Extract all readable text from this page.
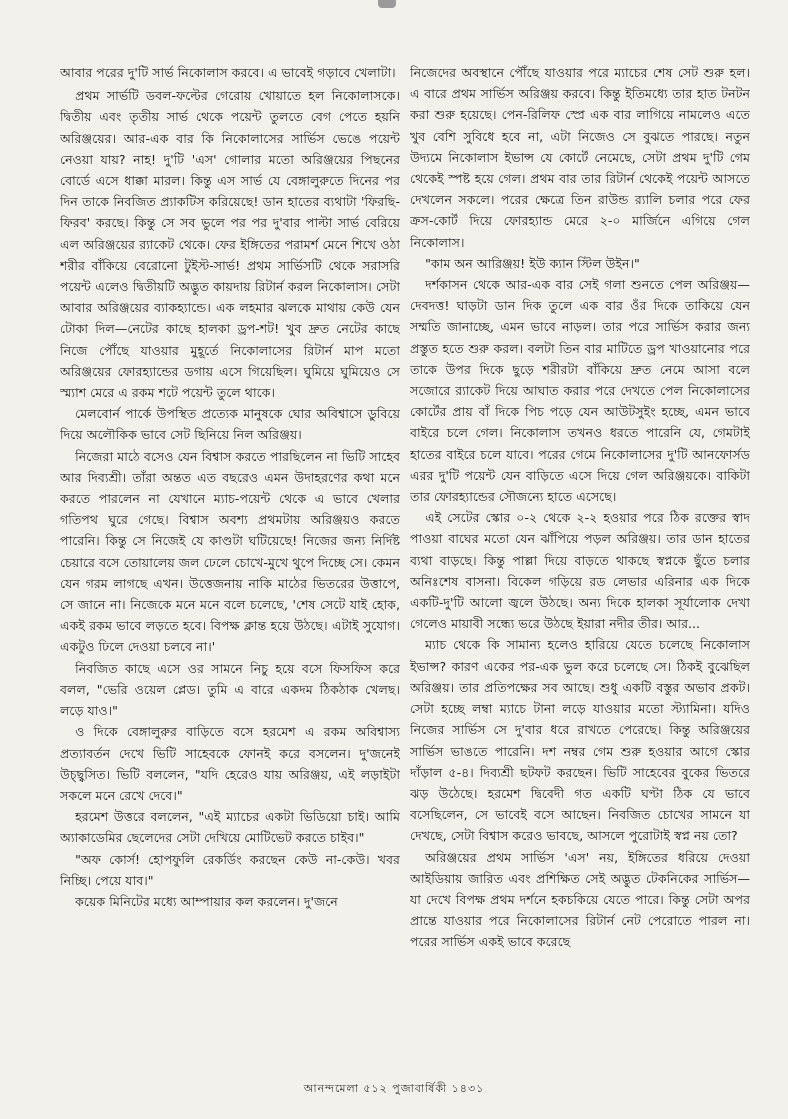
আবার পরের দু'টি সার্ভ নিকোলাস করবে। এ ভাবেই গড়াবে খেলাটা।

প্রথম সার্ভটি ডবল-ফল্টের গেরোয় খোয়াতে হল নিকোলাসকে। দ্বিতীয় এবং তৃতীয় সার্ভ থেকে পয়েন্ট তুলতে বেগ পেতে হয়নি অরিঞ্জয়ের। আর-এক বার কি নিকোলাসের সার্ভিস ভেঙে পয়েন্ট নেওয়া যায়? নাহ! দু'টি 'এস' গোলার মতো অরিঞ্জয়ের পিছনের বোর্ডে এসে ধাক্কা মারল। কিন্তু এস সার্ভ যে বেঙ্গালুরুতে দিনের পর দিন তাকে নিবজিত প্র্যাকটিস করিয়েছে! ডান হাতের ব্যথাটা 'ফিরছি-ফিরব' করছে। কিন্তু সে সব ভুলে পর পর দু'বার পাল্টা সার্ভ বেরিয়ে এল অরিঞ্জয়ের র‍্যাকেট থেকে। ফের ইঙ্গিতের পরামর্শ মেনে শিখে ওঠা শরীর বাঁকিয়ে বেরোনো টুইস্ট-সার্ভ! প্রথম সার্ভিসটি থেকে সরাসরি পয়েন্ট এলেও দ্বিতীয়টি অদ্ভুত কায়দায় রিটার্ন করল নিকোলাস। সেটা আবার অরিঞ্জয়ের ব্যাকহ্যান্ডে। এক লহমার ঝলকে মাথায় কেউ যেন টোকা দিল—নেটের কাছে হালকা ড্রপ-শট! খুব দ্রুত নেটের কাছে নিজে পৌঁছে যাওয়ার মুহূর্তে নিকোলাসের রিটার্ন মাপ মতো অরিঞ্জয়ের ফোরহ্যান্ডের ডগায় এসে গিয়েছিল। ঘুমিয়ে ঘুমিয়েও সে স্ম্যাশ মেরে এ রকম শটে পয়েন্ট তুলে থাকে।

মেলবোর্ন পার্কে উপস্থিত প্রত্যেক মানুষকে ঘোর অবিশ্বাসে ডুবিয়ে দিয়ে অলৌকিক ভাবে সেট ছিনিয়ে নিল অরিঞ্জয়।

নিজেরা মাঠে বসেও যেন বিশ্বাস করতে পারছিলেন না ভিটি সাহেব আর দিব্যশ্রী। তাঁরা অন্তত এত বছরেও এমন উদাহরণের কথা মনে করতে পারলেন না যেখানে ম্যাচ-পয়েন্ট থেকে এ ভাবে খেলার গতিপথ ঘুরে গেছে। বিশ্বাস অবশ্য প্রথমটায় অরিঞ্জয়ও করতে পারেনি। কিন্তু সে নিজেই যে কাণ্ডটা ঘটিয়েছে! নিজের জন্য নির্দিষ্ট চেয়ারে বসে তোয়ালেয় জল ঢেলে চোখে-মুখে থুপে দিচ্ছে সে। কেমন যেন গরম লাগছে এখন। উত্তেজনায় নাকি মাঠের ভিতরের উত্তাপে, সে জানে না। নিজেকে মনে মনে বলে চলেছে, 'শেষ সেটে যাই হোক, একই রকম ভাবে লড়তে হবে। বিপক্ষ ক্লান্ত হয়ে উঠছে। এটাই সুযোগ। একটুও ঢিলে দেওয়া চলবে না।'

নিবজিত কাছে এসে ওর সামনে নিচু হয়ে বসে ফিসফিস করে বলল, "ভেরি ওয়েল প্লেড। তুমি এ বারে একদম ঠিকঠাক খেলছ। লড়ে যাও।"

ও দিকে বেঙ্গালুরুর বাড়িতে বসে হরমেশ এ রকম অবিশ্বাস্য প্রত্যাবর্তন দেখে ভিটি সাহেবকে ফোনই করে বসলেন। দু'জনেই উচ্ছ্বসিত। ভিটি বললেন, "যদি হেরেও যায় অরিঞ্জয়, এই লড়াইটা সকলে মনে রেখে দেবে।"

হরমেশ উত্তরে বললেন, "এই ম্যাচের একটা ভিডিয়ো চাই। আমি অ্যাকাডেমির ছেলেদের সেটা দেখিয়ে মোটিভেট করতে চাইব।"

"অফ কোর্স! হোপফুলি রেকর্ডিং করছেন কেউ না-কেউ। খবর নিচ্ছি। পেয়ে যাব।"

কয়েক মিনিটের মধ্যে আম্পায়ার কল করলেন। দু'জনে

নিজেদের অবস্থানে পৌঁছে যাওয়ার পরে ম্যাচের শেষ সেট শুরু হল। এ বারে প্রথম সার্ভিস অরিঞ্জয় করবে। কিন্তু ইতিমধ্যে তার হাত টনটন করা শুরু হয়েছে। পেন-রিলিফ স্প্রে এক বার লাগিয়ে নামলেও এতে খুব বেশি সুবিধে হবে না, এটা নিজেও সে বুঝতে পারছে। নতুন উদ্যমে নিকোলাস ইভান্স যে কোর্টে নেমেছে, সেটা প্রথম দু'টি গেম থেকেই স্পষ্ট হয়ে গেল। প্রথম বার তার রিটার্ন থেকেই পয়েন্ট আসতে দেখলেন সকলে। পরের ক্ষেত্রে তিন রাউন্ড র‍্যালি চলার পরে ফের ক্রস-কোর্ট দিয়ে ফোরহ্যান্ড মেরে ২-০ মার্জিনে এগিয়ে গেল নিকোলাস।

"কাম অন আরিঞ্জয়! ইউ ক্যান স্টিল উইন।"

দর্শকাসন থেকে আর-এক বার সেই গলা শুনতে পেল অরিঞ্জয়— দেবদত্ত! ঘাড়টা ডান দিক তুলে এক বার ওঁর দিকে তাকিয়ে যেন সম্মতি জানাচ্ছে, এমন ভাবে নাড়ল। তার পরে সার্ভিস করার জন্য প্রস্তুত হতে শুরু করল। বলটা তিন বার মাটিতে ড্রপ খাওয়ানোর পরে তাকে উপর দিকে ছুড়ে শরীরটা বাঁকিয়ে দ্রুত নেমে আসা বলে সজোরে র‍্যাকেট দিয়ে আঘাত করার পরে দেখতে পেল নিকোলাসের কোর্টের প্রায় বাঁ দিকে পিচ পড়ে যেন আউটসুইং হচ্ছে, এমন ভাবে বাইরে চলে গেল। নিকোলাস তখনও ধরতে পারেনি যে, গেমটাই হাতের বাইরে চলে যাবে। পরের গেমে নিকোলাসের দু'টি আনফোর্সড এরর দু'টি পয়েন্ট যেন বাড়িতে এসে দিয়ে গেল অরিঞ্জয়কে। বাকিটা তার ফোরহ্যান্ডের সৌজন্যে হাতে এসেছে।

এই সেটের স্কোর ০-২ থেকে ২-২ হওয়ার পরে ঠিক রক্তের স্বাদ পাওয়া বাঘের মতো যেন ঝাঁপিয়ে পড়ল অরিঞ্জয়। তার ডান হাতের ব্যথা বাড়ছে। কিন্তু পাল্লা দিয়ে বাড়তে থাকছে স্বপ্নকে ছুঁতে চলার অনিঃশেষ বাসনা। বিকেল গড়িয়ে রড লেভার এরিনার এক দিকে একটি-দু'টি আলো জ্বলে উঠছে। অন্য দিকে হালকা সূর্যালোক দেখা গেলেও মায়াবী সন্ধ্যে ভরে উঠছে ইয়ারা নদীর তীর। আর...

ম্যাচ থেকে কি সামান্য হলেও হারিয়ে যেতে চলেছে নিকোলাস ইভান্স? কারণ একের পর-এক ভুল করে চলেছে সে। ঠিকই বুঝেছিল অরিঞ্জয়। তার প্রতিপক্ষের সব আছে। শুধু একটি বস্তুর অভাব প্রকট। সেটা হচ্ছে লম্বা ম্যাচে টানা লড়ে যাওয়ার মতো স্ট্যামিনা। যদিও নিজের সার্ভিস সে দু'বার ধরে রাখতে পেরেছে। কিন্তু অরিঞ্জয়ের সার্ভিস ভাঙতে পারেনি। দশ নম্বর গেম শুরু হওয়ার আগে স্কোর দাঁড়াল ৫-৪। দিব্যশ্রী ছটফট করছেন। ভিটি সাহেবের বুকের ভিতরে ঝড় উঠেছে। হরমেশ দ্বিবেদী গত একটি ঘণ্টা ঠিক যে ভাবে বসেছিলেন, সে ভাবেই বসে আছেন। নিবজিত চোখের সামনে যা দেখছে, সেটা বিশ্বাস করেও ভাবছে, আসলে পুরোটাই স্বপ্ন নয় তো?

অরিঞ্জয়ের প্রথম সার্ভিস 'এস' নয়, ইঙ্গিতের ধরিয়ে দেওয়া আইডিয়ায় জারিত এবং প্রশিক্ষিত সেই অদ্ভুত টেকনিকের সার্ভিস— যা দেখে বিপক্ষ প্রথম দর্শনে হকচকিয়ে যেতে পারে। কিন্তু সেটা অপর প্রান্তে যাওয়ার পরে নিকোলাসের রিটার্ন নেট পেরোতে পারল না। পরের সার্ভিস একই ভাবে করেছে

আনন্দমেলা ৫১২ পুজাবার্ষিকী ১৪৩১
